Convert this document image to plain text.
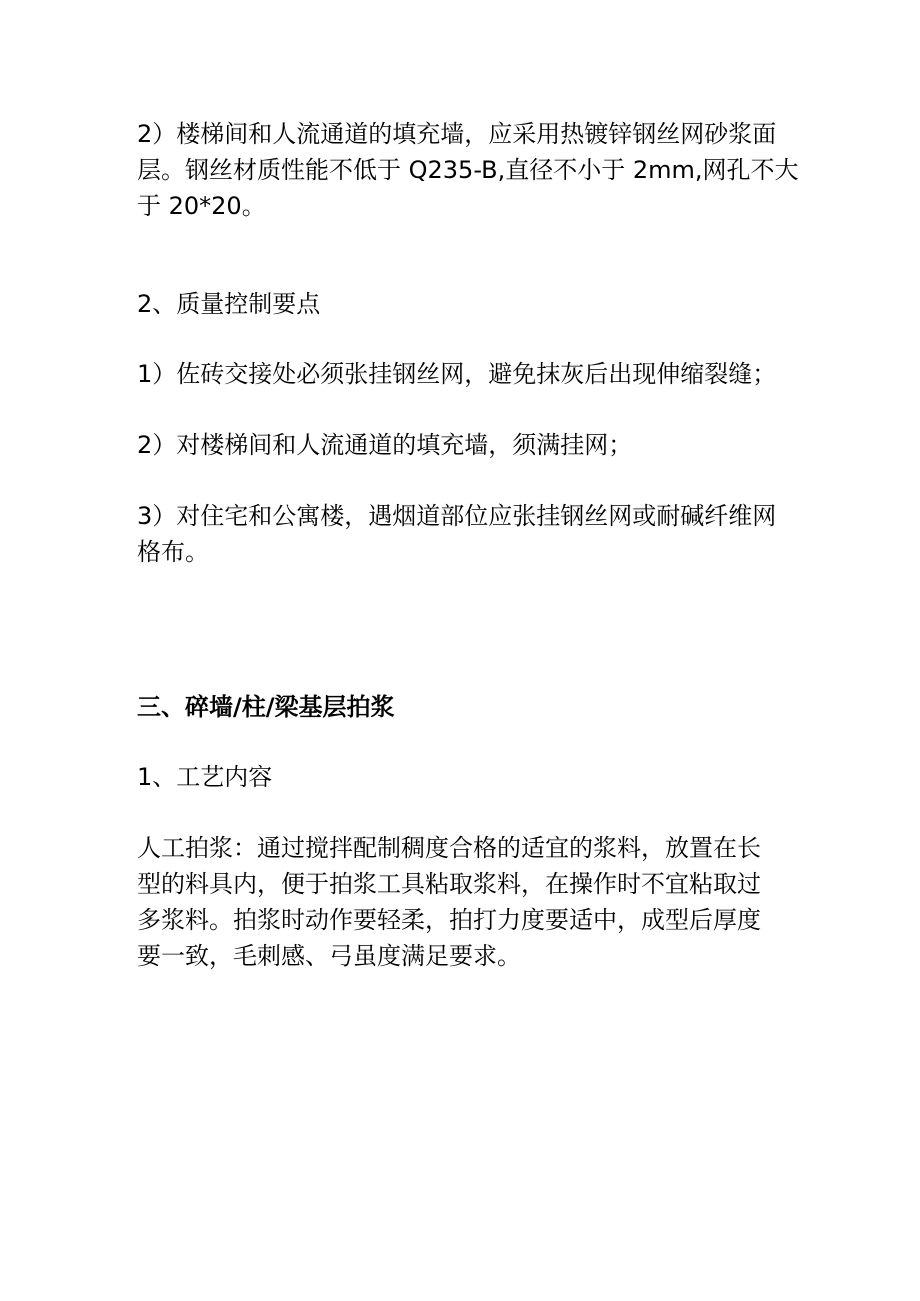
2）楼梯间和人流通道的填充墙，应采用热镀锌钢丝网砂浆面
层。钢丝材质性能不低于 Q235-B,直径不小于 2mm,网孔不大
于 20*20。

2、质量控制要点

1）佐砖交接处必须张挂钢丝网，避免抹灰后出现伸缩裂缝；

2）对楼梯间和人流通道的填充墙，须满挂网；

3）对住宅和公寓楼，遇烟道部位应张挂钢丝网或耐碱纤维网
格布。

三、碎墙/柱/梁基层拍浆

1、工艺内容

人工拍浆：通过搅拌配制稠度合格的适宜的浆料，放置在长
型的料具内，便于拍浆工具粘取浆料，在操作时不宜粘取过
多浆料。拍浆时动作要轻柔，拍打力度要适中，成型后厚度
要一致，毛刺感、弓虽度满足要求。
